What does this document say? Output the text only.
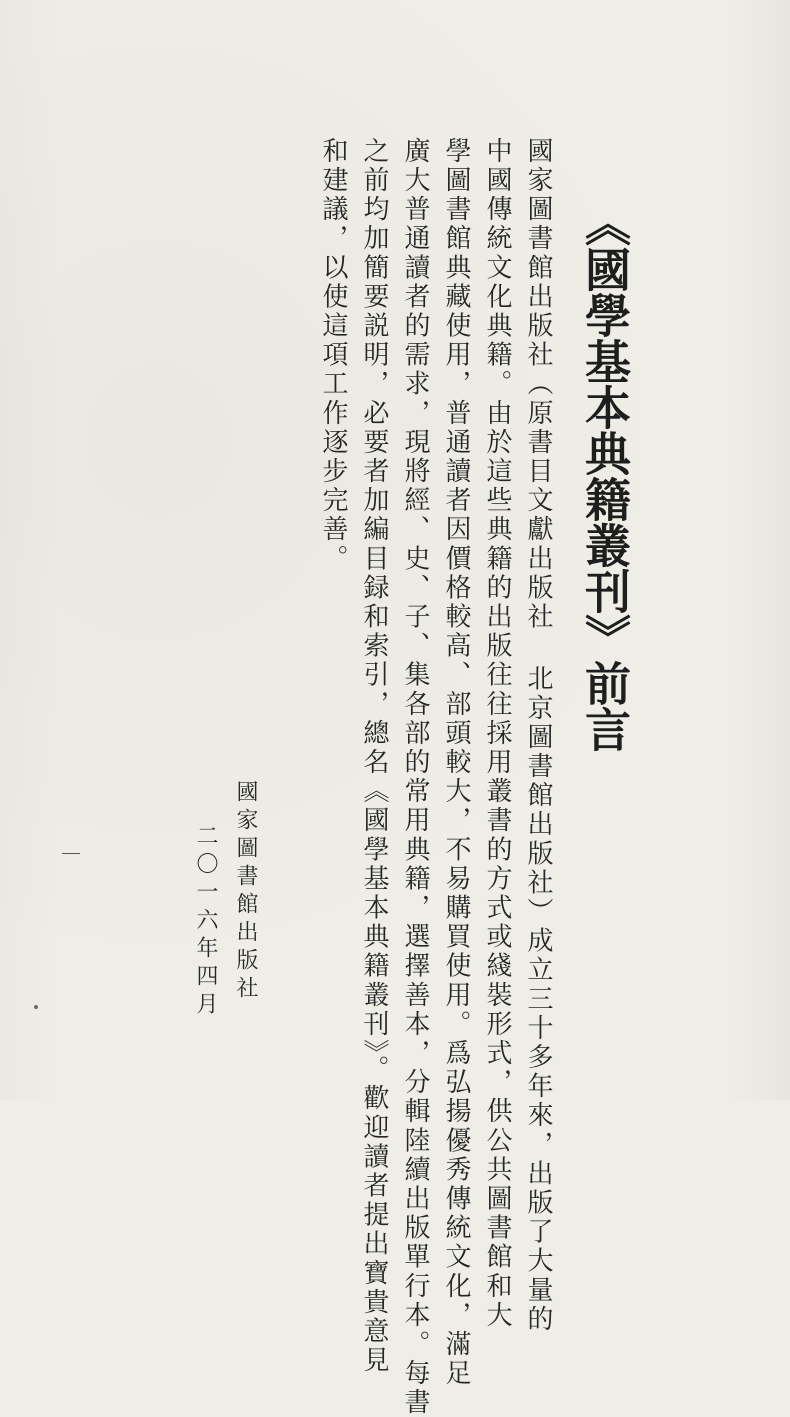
《國學基本典籍叢刊》前言
國家圖書館出版社（原書目文獻出版社 北京圖書館出版社）成立三十多年來，出版了大量的
中國傳統文化典籍。由於這些典籍的出版往往採用叢書的方式或綫裝形式，供公共圖書館和大
學圖書館典藏使用，普通讀者因價格較高、部頭較大，不易購買使用。爲弘揚優秀傳統文化，滿足
廣大普通讀者的需求，現將經、史、子、集各部的常用典籍，選擇善本，分輯陸續出版單行本。每書
之前均加簡要説明，必要者加編目録和索引，總名《國學基本典籍叢刊》。歡迎讀者提出寶貴意見
和建議，以使這項工作逐步完善。
國家圖書館出版社
二〇一六年四月
